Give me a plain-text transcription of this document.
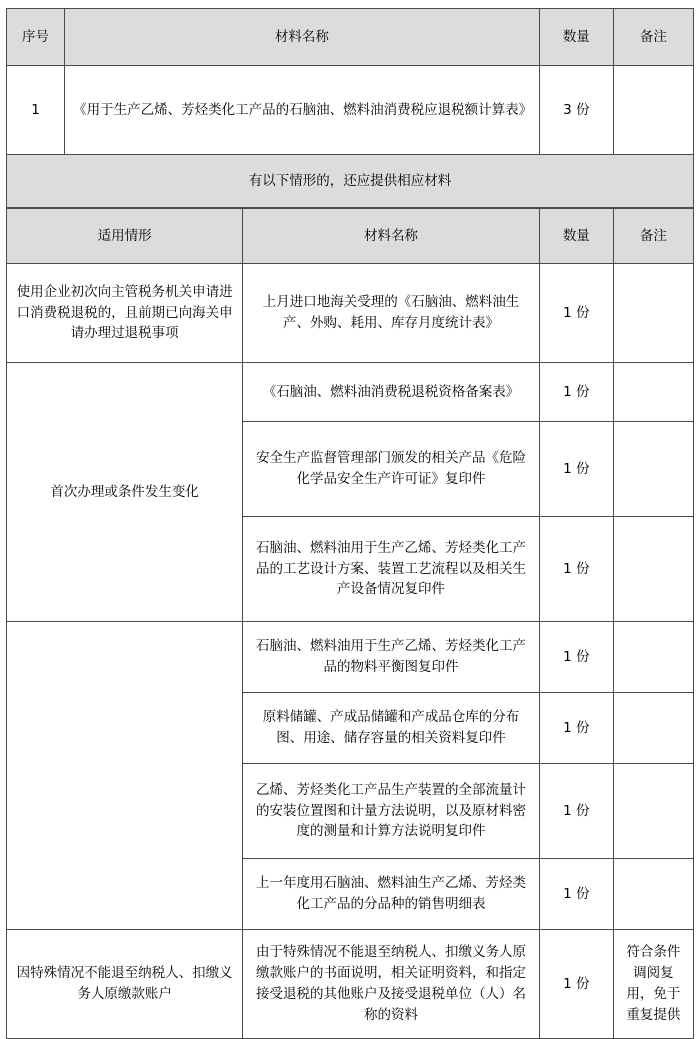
序号	材料名称	数量	备注
1	《用于生产乙烯、芳烃类化工产品的石脑油、燃料油消费税应退税额计算表》	3 份	
有以下情形的，还应提供相应材料			
适用情形	材料名称	数量	备注
使用企业初次向主管税务机关申请进口消费税退税的，且前期已向海关申请办理过退税事项	上月进口地海关受理的《石脑油、燃料油生产、外购、耗用、库存月度统计表》	1 份	
首次办理或条件发生变化	《石脑油、燃料油消费税退税资格备案表》	1 份	
	安全生产监督管理部门颁发的相关产品《危险化学品安全生产许可证》复印件	1 份	
	石脑油、燃料油用于生产乙烯、芳烃类化工产品的工艺设计方案、装置工艺流程以及相关生产设备情况复印件	1 份	
	石脑油、燃料油用于生产乙烯、芳烃类化工产品的物料平衡图复印件	1 份	
	原料储罐、产成品储罐和产成品仓库的分布图、用途、储存容量的相关资料复印件	1 份	
	乙烯、芳烃类化工产品生产装置的全部流量计的安装位置图和计量方法说明，以及原材料密度的测量和计算方法说明复印件	1 份	
	上一年度用石脑油、燃料油生产乙烯、芳烃类化工产品的分品种的销售明细表	1 份	
因特殊情况不能退至纳税人、扣缴义务人原缴款账户	由于特殊情况不能退至纳税人、扣缴义务人原缴款账户的书面说明，相关证明资料，和指定接受退税的其他账户及接受退税单位（人）名称的资料	1 份	符合条件调阅复用，免于重复提供
